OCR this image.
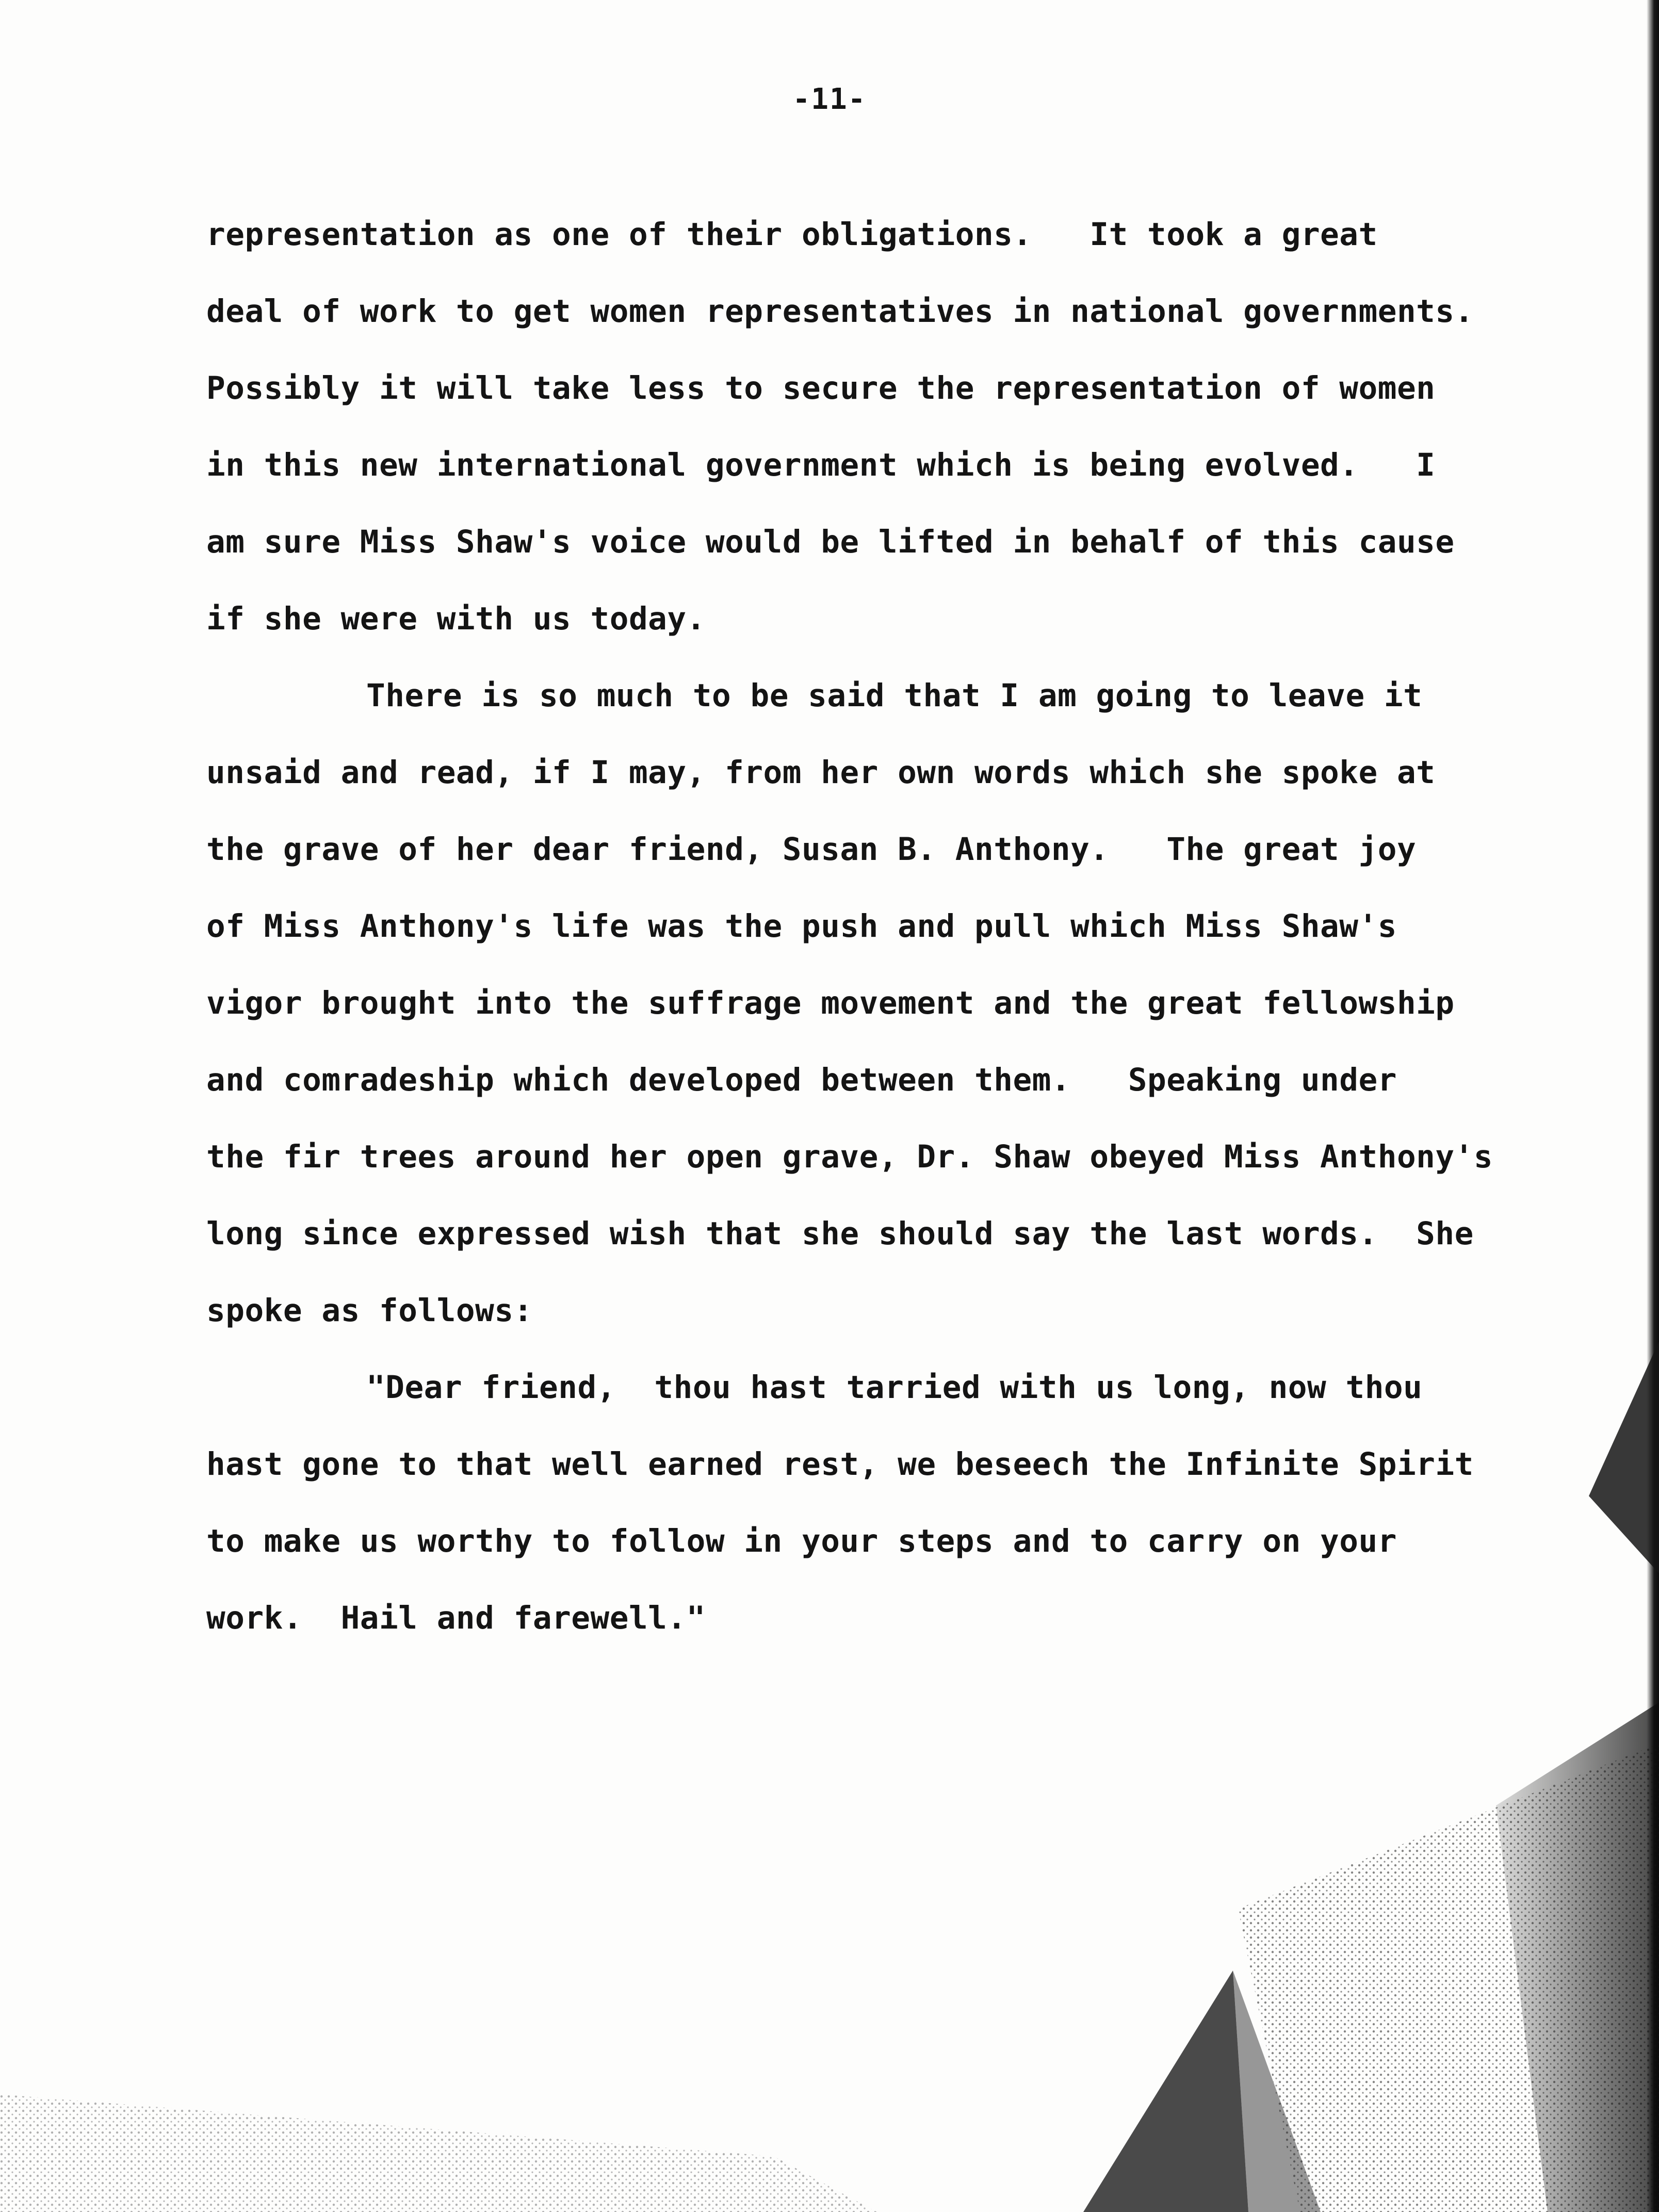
-11-
representation as one of their obligations.   It took a great
deal of work to get women representatives in national governments.
Possibly it will take less to secure the representation of women
in this new international government which is being evolved.   I
am sure Miss Shaw's voice would be lifted in behalf of this cause
if she were with us today.
There is so much to be said that I am going to leave it
unsaid and read, if I may, from her own words which she spoke at
the grave of her dear friend, Susan B. Anthony.   The great joy
of Miss Anthony's life was the push and pull which Miss Shaw's
vigor brought into the suffrage movement and the great fellowship
and comradeship which developed between them.   Speaking under
the fir trees around her open grave, Dr. Shaw obeyed Miss Anthony's
long since expressed wish that she should say the last words.  She
spoke as follows:
"Dear friend,  thou hast tarried with us long, now thou
hast gone to that well earned rest, we beseech the Infinite Spirit
to make us worthy to follow in your steps and to carry on your
work.  Hail and farewell."
